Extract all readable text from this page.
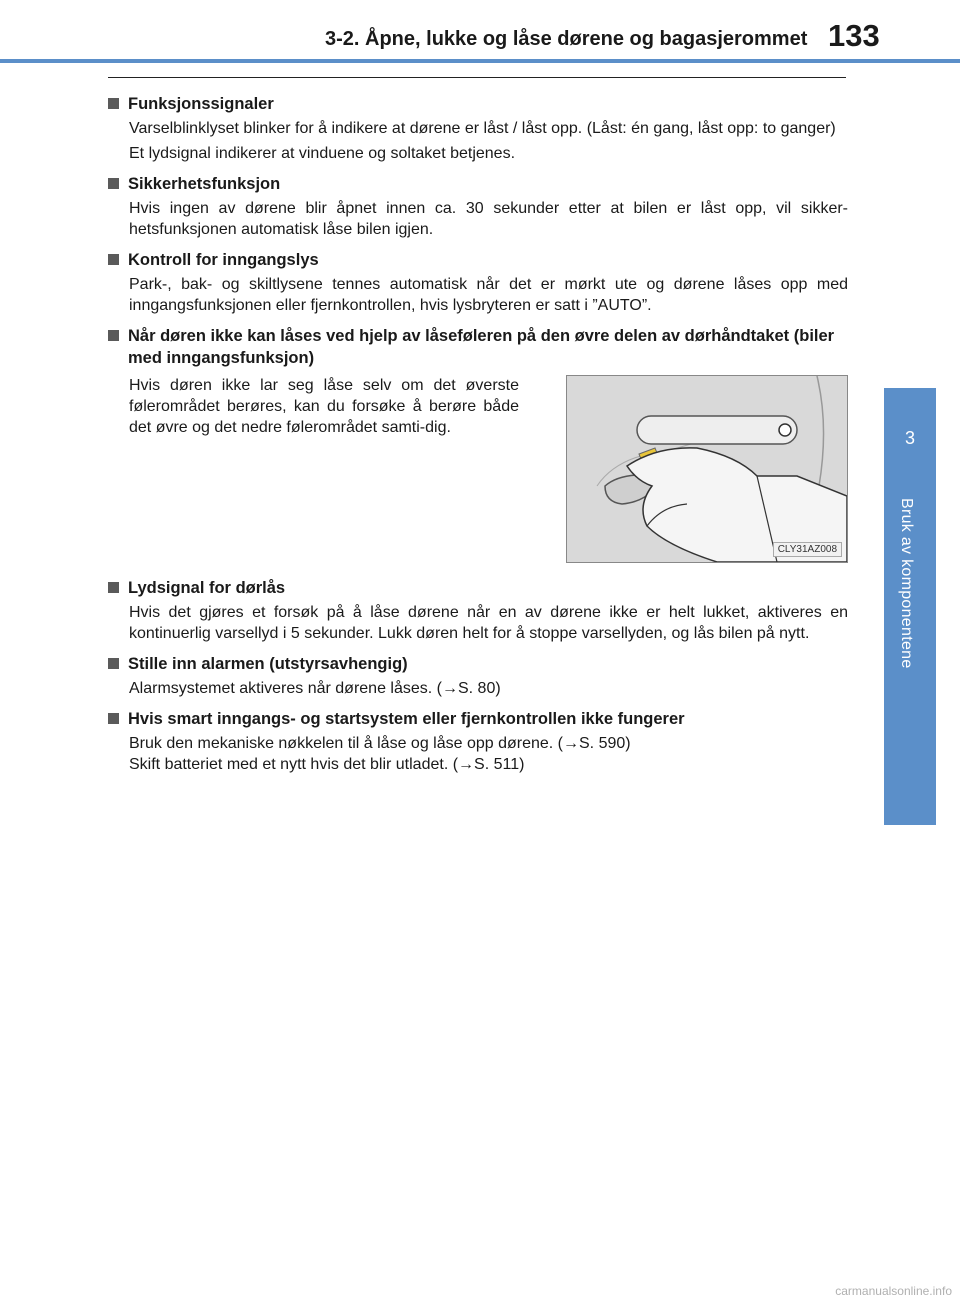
3-2. Åpne, lukke og låse dørene og bagasjerommet 133
3
Bruk av komponentene
Funksjonssignaler

Varselblinklyset blinker for å indikere at dørene er låst / låst opp. (Låst: én gang, låst opp: to ganger)

Et lydsignal indikerer at vinduene og soltaket betjenes.

Sikkerhetsfunksjon

Hvis ingen av dørene blir åpnet innen ca. 30 sekunder etter at bilen er låst opp, vil sikker-hetsfunksjonen automatisk låse bilen igjen.

Kontroll for inngangslys

Park-, bak- og skiltlysene tennes automatisk når det er mørkt ute og dørene låses opp med inngangsfunksjonen eller fjernkontrollen, hvis lysbryteren er satt i ”AUTO”.

Når døren ikke kan låses ved hjelp av låseføleren på den øvre delen av dørhåndtaket (biler med inngangsfunksjon)
Hvis døren ikke lar seg låse selv om det øverste følerområdet berøres, kan du forsøke å berøre både det øvre og det nedre følerområdet samti-dig.
CLY31AZ008
Lydsignal for dørlås

Hvis det gjøres et forsøk på å låse dørene når en av dørene ikke er helt lukket, aktiveres en kontinuerlig varsellyd i 5 sekunder. Lukk døren helt for å stoppe varsellyden, og lås bilen på nytt.

Stille inn alarmen (utstyrsavhengig)

Alarmsystemet aktiveres når dørene låses. (→S. 80)

Hvis smart inngangs- og startsystem eller fjernkontrollen ikke fungerer

Bruk den mekaniske nøkkelen til å låse og låse opp dørene. (→S. 590)
Skift batteriet med et nytt hvis det blir utladet. (→S. 511)

carmanualsonline.info
